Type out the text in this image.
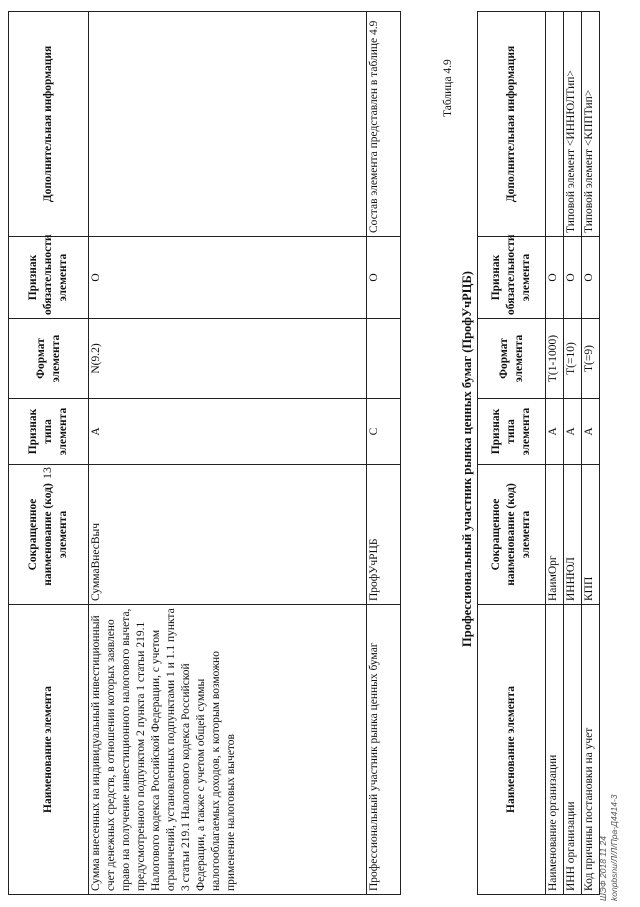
13
Наименование элемента	Сокращенное наименование (код) элемента	Признак типа элемента	Формат элемента	Признак обязательности элемента	Дополнительная информация
Сумма внесенных на индивидуальный инвестиционный счет денежных средств, в отношении которых заявлено право на получение инвестиционного налогового вычета, предусмотренного подпунктом 2 пункта 1 статьи 219.1 Налогового кодекса Российской Федерации, с учетом ограничений, установленных подпунктами 1 и 1.1 пункта 3 статьи 219.1 Налогового кодекса Российской Федерации, а также с учетом общей суммы налогооблагаемых доходов, к которым возможно применение налоговых вычетов	СуммаВнесВыч	А	N(9.2)	О	
Профессиональный участник рынка ценных бумаг	ПрофУчРЦБ	С		О	Состав элемента представлен в таблице 4.9	Таблица 4.9
Профессиональный участник рынка ценных бумаг (ПрофУчРЦБ)
Наименование элемента	Сокращенное наименование (код) элемента	Признак типа элемента	Формат элемента	Признак обязательности элемента	Дополнительная информация
Наименование организации	НаимОрг	А	T(1-1000)	О	
ИНН организации	ИННЮЛ	А	T(=10)	О	Типовой элемент <ИННЮЛТип>
Код причины постановки на учет	КПП	А	T(=9)	О	Типовой элемент <КППТип>
ШЭФ 2018 11 24 konpbsnu/Л/Л/Пра-Д4414-3
